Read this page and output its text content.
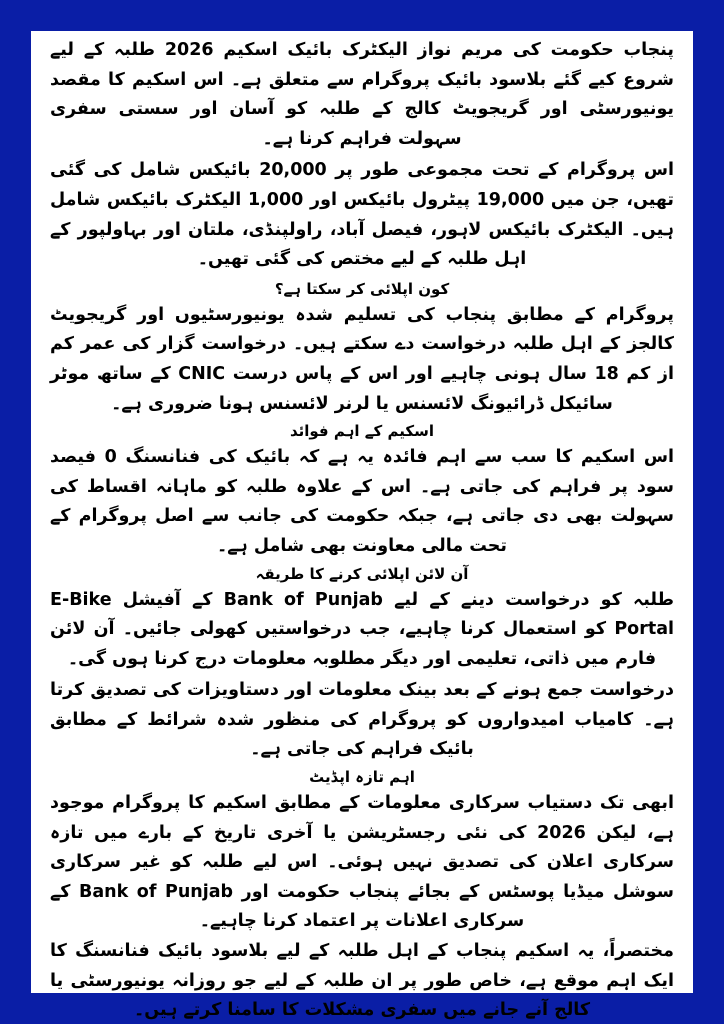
پنجاب حکومت کی مریم نواز الیکٹرک بائیک اسکیم 2026 طلبہ کے لیے شروع کیے گئے بلاسود بائیک پروگرام سے متعلق ہے۔ اس اسکیم کا مقصد یونیورسٹی اور گریجویٹ کالج کے طلبہ کو آسان اور سستی سفری سہولت فراہم کرنا ہے۔

اس پروگرام کے تحت مجموعی طور پر 20,000 بائیکس شامل کی گئی تھیں، جن میں 19,000 پیٹرول بائیکس اور 1,000 الیکٹرک بائیکس شامل ہیں۔ الیکٹرک بائیکس لاہور، فیصل آباد، راولپنڈی، ملتان اور بہاولپور کے اہل طلبہ کے لیے مختص کی گئی تھیں۔

کون اپلائی کر سکتا ہے؟

پروگرام کے مطابق پنجاب کی تسلیم شدہ یونیورسٹیوں اور گریجویٹ کالجز کے اہل طلبہ درخواست دے سکتے ہیں۔ درخواست گزار کی عمر کم از کم 18 سال ہونی چاہیے اور اس کے پاس درست CNIC کے ساتھ موٹر سائیکل ڈرائیونگ لائسنس یا لرنر لائسنس ہونا ضروری ہے۔

اسکیم کے اہم فوائد

اس اسکیم کا سب سے اہم فائدہ یہ ہے کہ بائیک کی فنانسنگ 0 فیصد سود پر فراہم کی جاتی ہے۔ اس کے علاوہ طلبہ کو ماہانہ اقساط کی سہولت بھی دی جاتی ہے، جبکہ حکومت کی جانب سے اصل پروگرام کے تحت مالی معاونت بھی شامل ہے۔

آن لائن اپلائی کرنے کا طریقہ

طلبہ کو درخواست دینے کے لیے Bank of Punjab کے آفیشل E-Bike Portal کو استعمال کرنا چاہیے، جب درخواستیں کھولی جائیں۔ آن لائن فارم میں ذاتی، تعلیمی اور دیگر مطلوبہ معلومات درج کرنا ہوں گی۔

درخواست جمع ہونے کے بعد بینک معلومات اور دستاویزات کی تصدیق کرتا ہے۔ کامیاب امیدواروں کو پروگرام کی منظور شدہ شرائط کے مطابق بائیک فراہم کی جاتی ہے۔

اہم تازہ اپڈیٹ

ابھی تک دستیاب سرکاری معلومات کے مطابق اسکیم کا پروگرام موجود ہے، لیکن 2026 کی نئی رجسٹریشن یا آخری تاریخ کے بارے میں تازہ سرکاری اعلان کی تصدیق نہیں ہوئی۔ اس لیے طلبہ کو غیر سرکاری سوشل میڈیا پوسٹس کے بجائے پنجاب حکومت اور Bank of Punjab کے سرکاری اعلانات پر اعتماد کرنا چاہیے۔

مختصراً، یہ اسکیم پنجاب کے اہل طلبہ کے لیے بلاسود بائیک فنانسنگ کا ایک اہم موقع ہے، خاص طور پر ان طلبہ کے لیے جو روزانہ یونیورسٹی یا کالج آنے جانے میں سفری مشکلات کا سامنا کرتے ہیں۔
